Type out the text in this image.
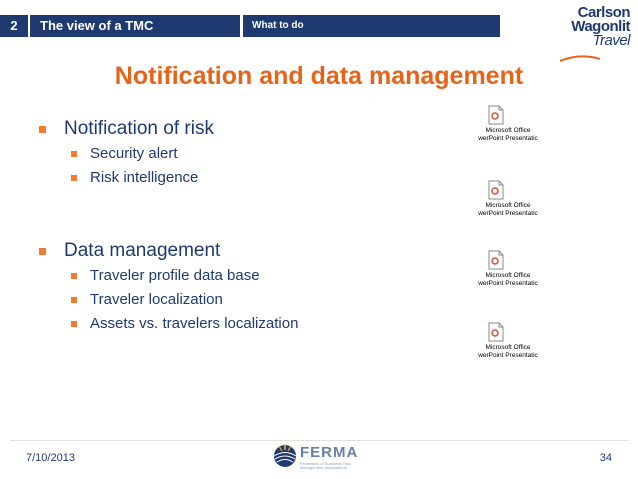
2	The view of a TMC	What to do
Carlson
Wagonlit
Travel
Notification and data management
Notification of risk
Security alert
Risk intelligence
Data management
Traveler profile data base
Traveler localization
Assets vs. travelers localization
Microsoft Office
werPoint Presentatic
Microsoft Office
werPoint Presentatic
Microsoft Office
werPoint Presentatic
Microsoft Office
werPoint Presentatic
7/10/2013	FERMA
Federation of European Risk Management Associations
34
